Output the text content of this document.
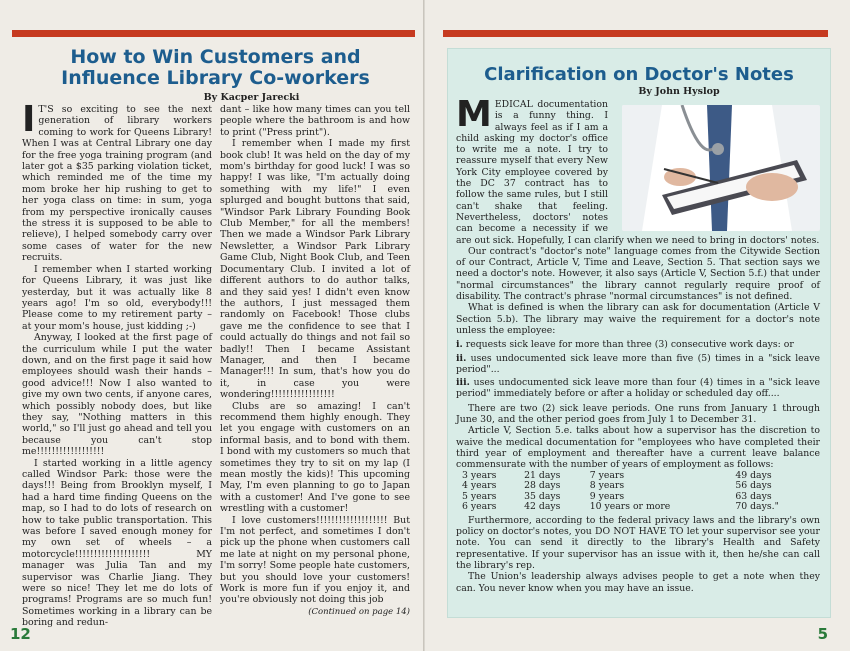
How to Win Customers and Influence Library Co-workers
By Kacper Jarecki

I T'S so exciting to see the next generation of library workers coming to work for Queens Library! When I was at Central Library one day for the free yoga training program (and later got a $35 parking violation ticket, which reminded me of the time my mom broke her hip rushing to get to her yoga class on time: in sum, yoga from my perspective ironically causes the stress it is supposed to be able to relieve), I helped somebody carry over some cases of water for the new recruits.

I remember when I started working for Queens Library, it was just like yesterday, but it was actually like 8 years ago! I'm so old, everybody!!! Please come to my retirement party – at your mom's house, just kidding ;-)

Anyway, I looked at the first page of the curriculum while I put the water down, and on the first page it said how employees should wash their hands – good advice!!! Now I also wanted to give my own two cents, if anyone cares, which possibly nobody does, but like they say, "Nothing matters in this world," so I'll just go ahead and tell you because you can't stop me!!!!!!!!!!!!!!!!!!

I started working in a little agency called Windsor Park: those were the days!!! Being from Brooklyn myself, I had a hard time finding Queens on the map, so I had to do lots of research on how to take public transportation. This was before I saved enough money for my own set of wheels – a motorcycle!!!!!!!!!!!!!!!!!!!! MY manager was Julia Tan and my supervisor was Charlie Jiang. They were so nice! They let me do lots of programs! Programs are so much fun! Sometimes working in a library can be boring and redun-

dant – like how many times can you tell people where the bathroom is and how to print ("Press print").

I remember when I made my first book club! It was held on the day of my mom's birthday for good luck! I was so happy! I was like, "I'm actually doing something with my life!" I even splurged and bought buttons that said, "Windsor Park Library Founding Book Club Member," for all the members! Then we made a Windsor Park Library Newsletter, a Windsor Park Library Game Club, Night Book Club, and Teen Documentary Club. I invited a lot of different authors to do author talks, and they said yes! I didn't even know the authors, I just messaged them randomly on Facebook! Those clubs gave me the confidence to see that I could actually do things and not fail so badly!! Then I became Assistant Manager, and then I became Manager!!! In sum, that's how you do it, in case you were wondering!!!!!!!!!!!!!!!!!

Clubs are so amazing! I can't recommend them highly enough. They let you engage with customers on an informal basis, and to bond with them. I bond with my customers so much that sometimes they try to sit on my lap (I mean mostly the kids)! This upcoming May, I'm even planning to go to Japan with a customer! And I've gone to see wrestling with a customer!

I love customers!!!!!!!!!!!!!!!!!!! But I'm not perfect, and sometimes I don't pick up the phone when customers call me late at night on my personal phone, I'm sorry! Some people hate customers, but you should love your customers! Work is more fun if you enjoy it, and you're obviously not doing this job

(Continued on page 14)
12
Clarification on Doctor's Notes
By John Hyslop

MEDICAL documentation is a funny thing. I always feel as if I am a child asking my doctor's office to write me a note. I try to reassure myself that every New York City employee covered by the DC 37 contract has to follow the same rules, but I still can't shake that feeling. Nevertheless, doctors' notes can become a necessity if we are out sick. Hopefully, I can clarify when we need to bring in doctors' notes.

Our contract's "doctor's note" language comes from the Citywide Section of our Contract, Article V, Time and Leave, Section 5. That section says we need a doctor's note. However, it also says (Article V, Section 5.f.) that under "normal circumstances" the library cannot regularly require proof of disability. The contract's phrase "normal circumstances" is not defined.

What is defined is when the library can ask for documentation (Article V Section 5.b). The library may waive the requirement for a doctor's note unless the employee:

i. requests sick leave for more than three (3) consecutive work days: or

ii. uses undocumented sick leave more than five (5) times in a "sick leave period"...

iii. uses undocumented sick leave more than four (4) times in a "sick leave period" immediately before or after a holiday or scheduled day off....

There are two (2) sick leave periods. One runs from January 1 through June 30, and the other period goes from July 1 to December 31.

Article V, Section 5.e. talks about how a supervisor has the discretion to waive the medical documentation for "employees who have completed their third year of employment and thereafter have a current leave balance commensurate with the number of years of employment as follows:

3 years	21 days	7 years	49 days
4 years	28 days	8 years	56 days
5 years	35 days	9 years	63 days
6 years	42 days	10 years or more	70 days."

Furthermore, according to the federal privacy laws and the library's own policy on doctor's notes, you DO NOT HAVE TO let your supervisor see your note. You can send it directly to the library's Health and Safety representative. If your supervisor has an issue with it, then he/she can call the library's rep.

The Union's leadership always advises people to get a note when they can. You never know when you may have an issue.

5
